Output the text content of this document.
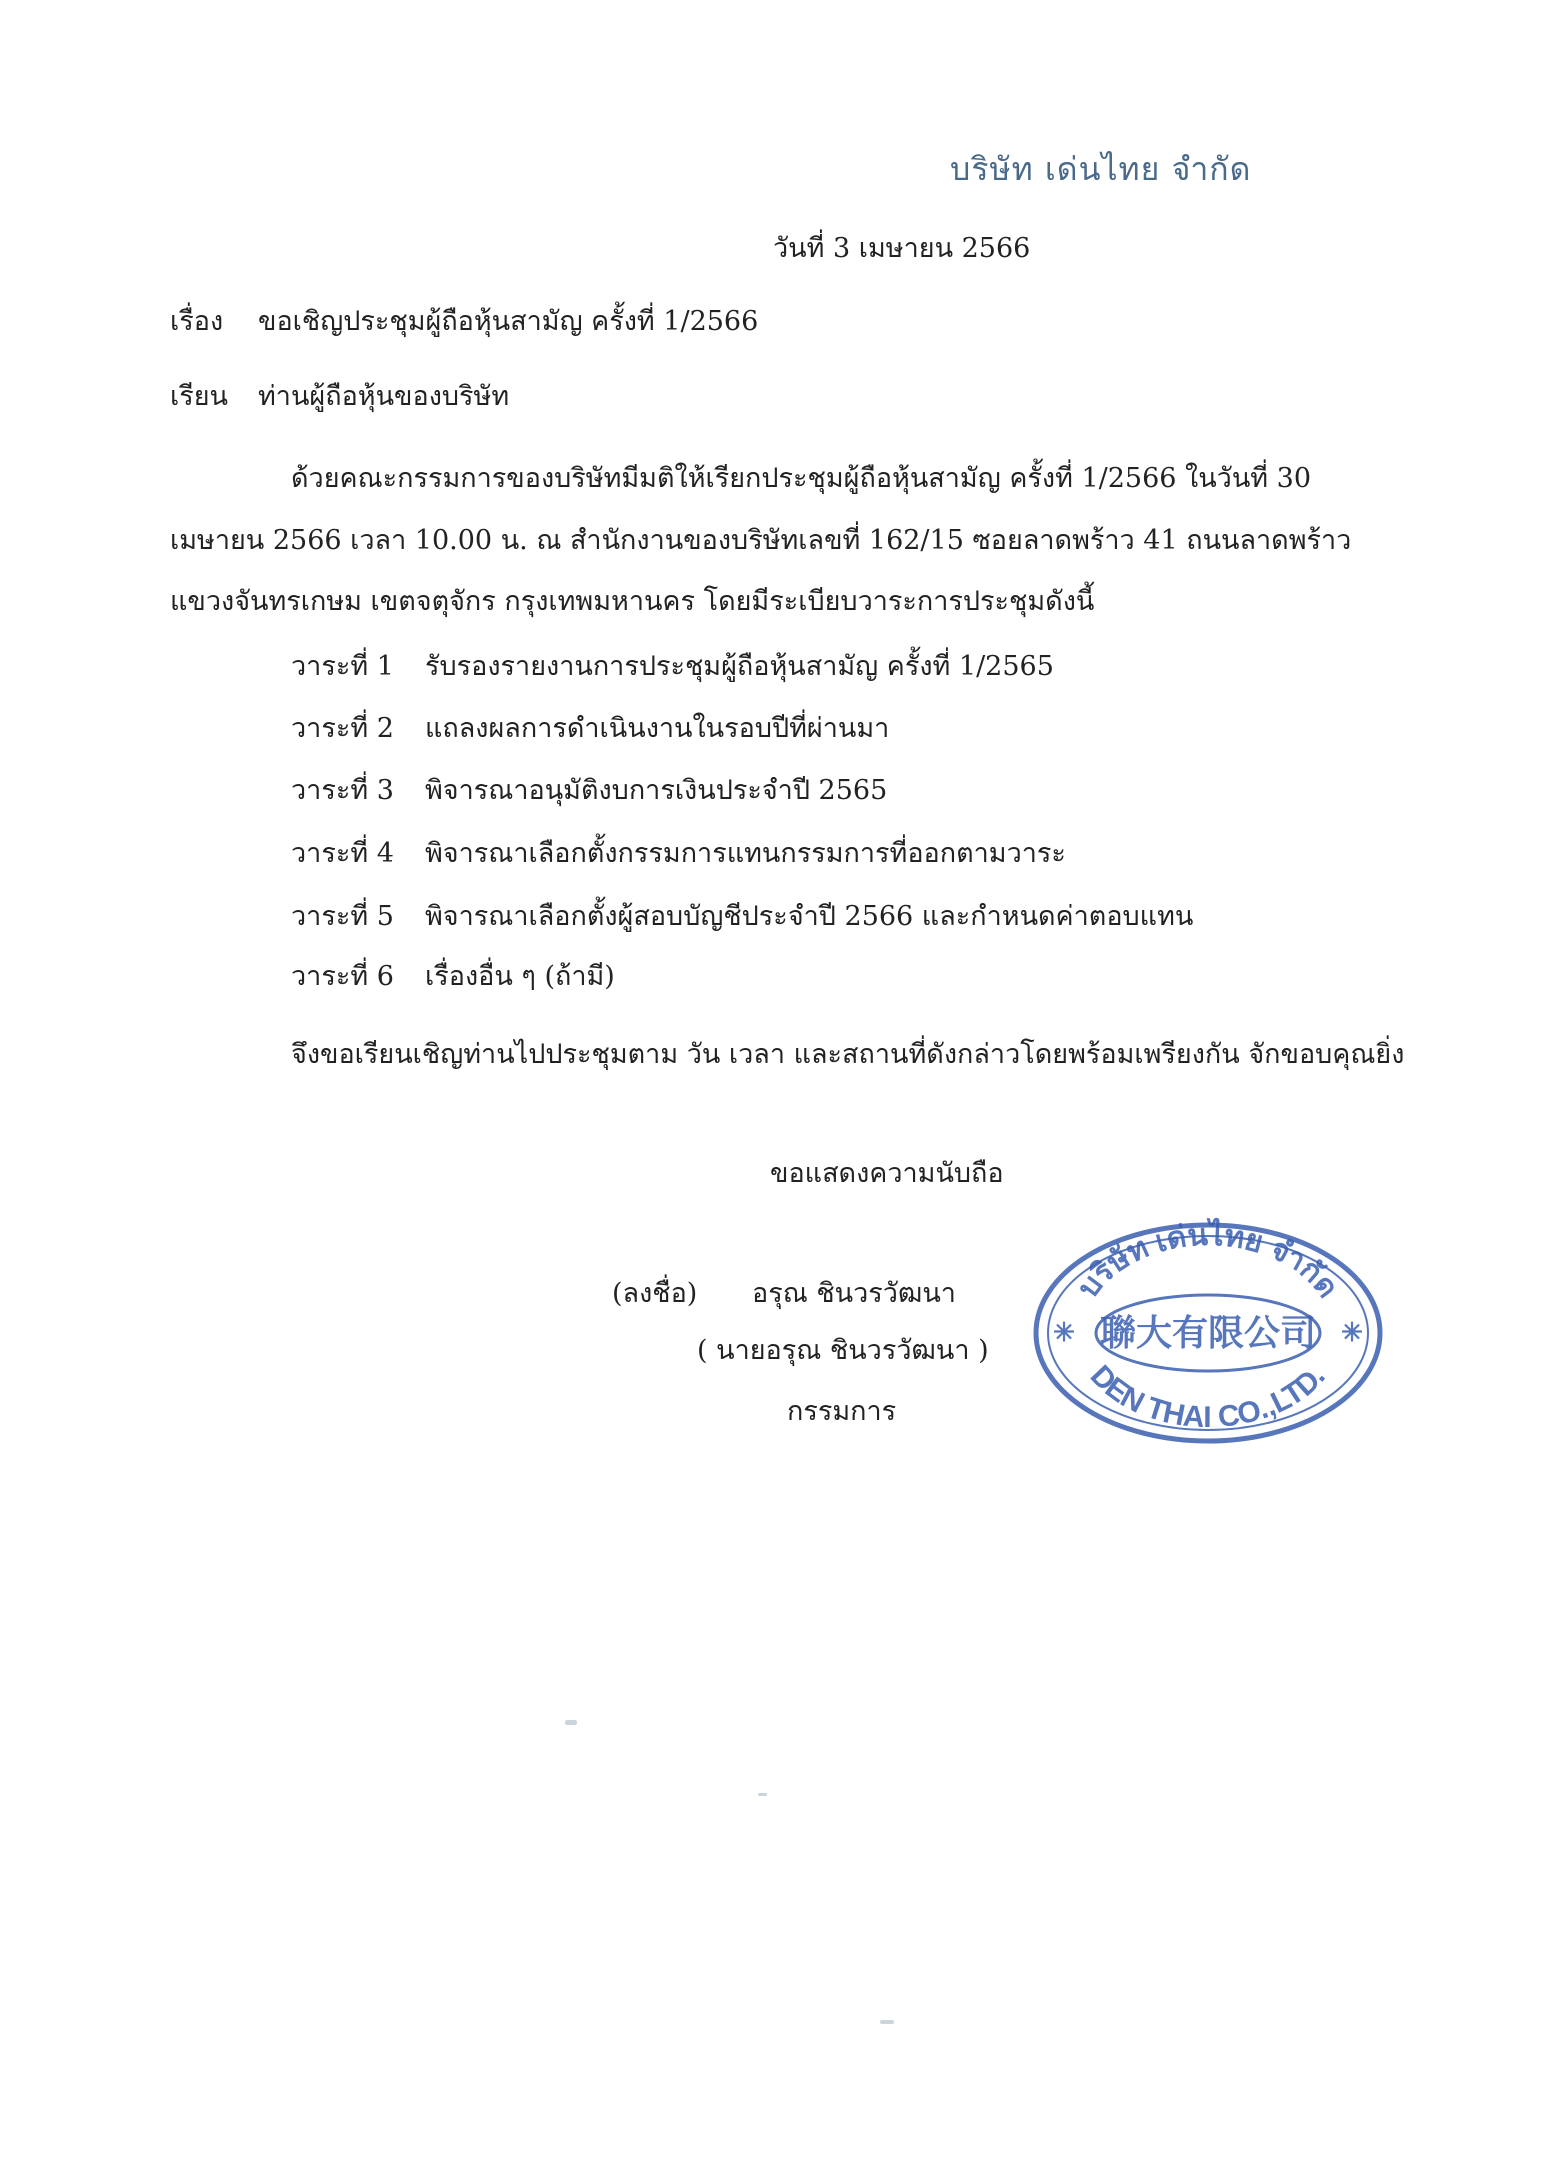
บริษัท เด่นไทย จำกัด
วันที่ 3 เมษายน 2566
เรื่อง ขอเชิญประชุมผู้ถือหุ้นสามัญ ครั้งที่ 1/2566
เรียน ท่านผู้ถือหุ้นของบริษัท
ด้วยคณะกรรมการของบริษัทมีมติให้เรียกประชุมผู้ถือหุ้นสามัญ ครั้งที่ 1/2566 ในวันที่ 30
เมษายน 2566 เวลา 10.00 น. ณ สำนักงานของบริษัทเลขที่ 162/15 ซอยลาดพร้าว 41 ถนนลาดพร้าว
แขวงจันทรเกษม เขตจตุจักร กรุงเทพมหานคร โดยมีระเบียบวาระการประชุมดังนี้
วาระที่ 1 รับรองรายงานการประชุมผู้ถือหุ้นสามัญ ครั้งที่ 1/2565
วาระที่ 2 แถลงผลการดำเนินงานในรอบปีที่ผ่านมา
วาระที่ 3 พิจารณาอนุมัติงบการเงินประจำปี 2565
วาระที่ 4 พิจารณาเลือกตั้งกรรมการแทนกรรมการที่ออกตามวาระ
วาระที่ 5 พิจารณาเลือกตั้งผู้สอบบัญชีประจำปี 2566 และกำหนดค่าตอบแทน
วาระที่ 6 เรื่องอื่น ๆ (ถ้ามี)
จึงขอเรียนเชิญท่านไปประชุมตาม วัน เวลา และสถานที่ดังกล่าวโดยพร้อมเพรียงกัน จักขอบคุณยิ่ง
ขอแสดงความนับถือ
(ลงชื่อ) อรุณ ชินวรวัฒนา
( นายอรุณ ชินวรวัฒนา )
กรรมการ
บริษัท เด่นไทย จำกัด
聯大有限公司
DEN THAI CO.,LTD.
✳	✳
